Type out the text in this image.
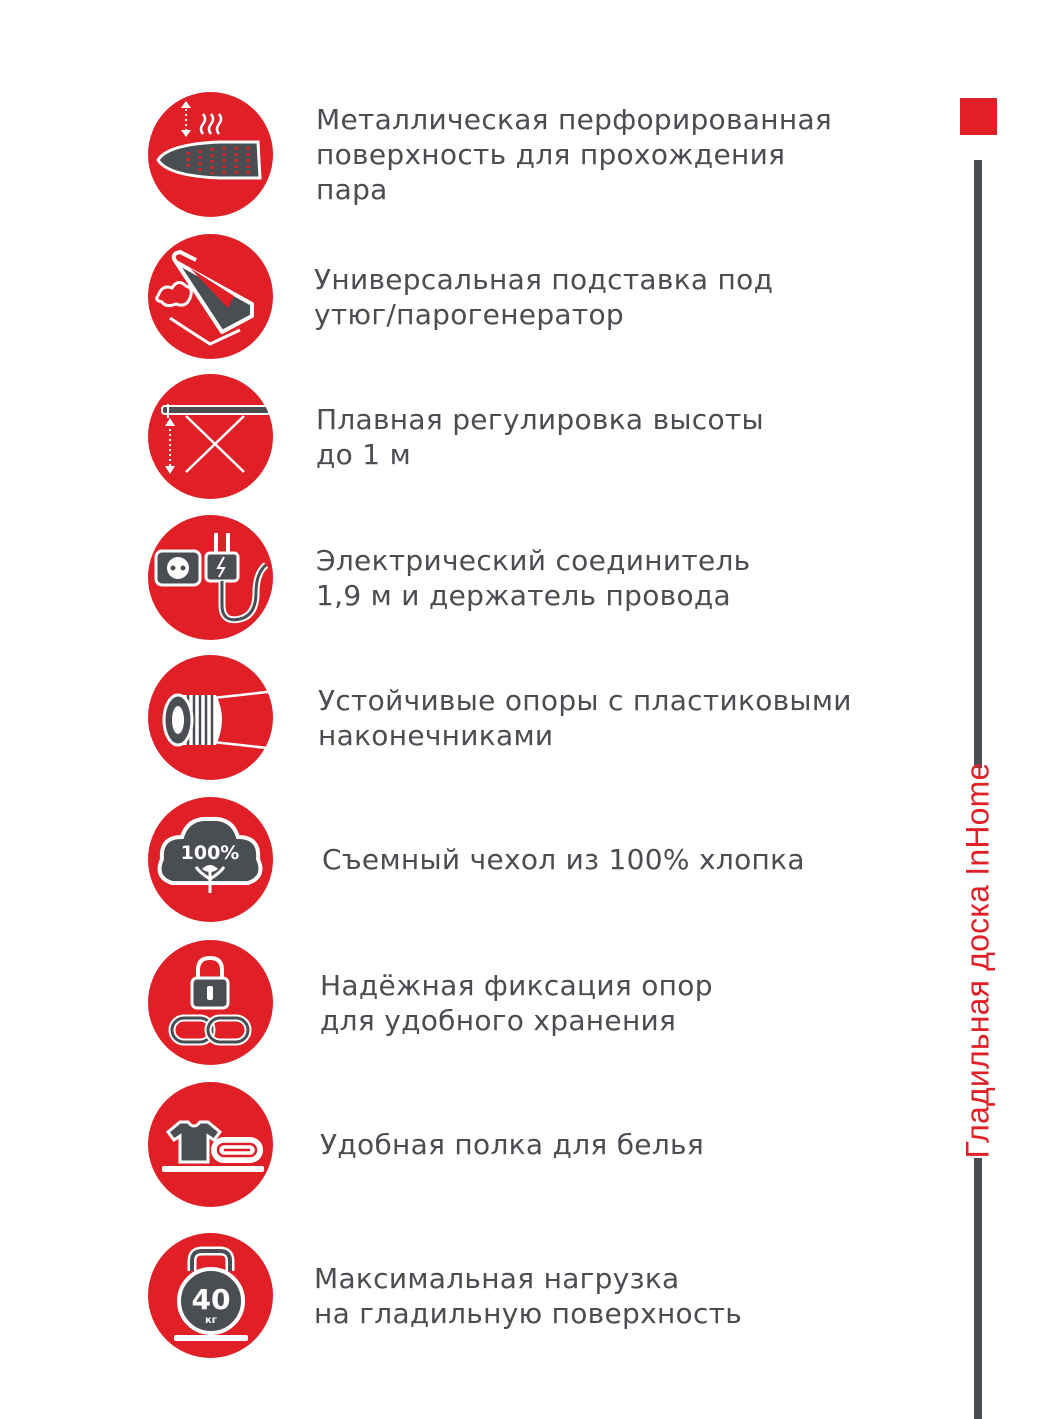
Металлическая перфорированная
поверхность для прохождения
пара
Универсальная подставка под
утюг/парогенератор
Плавная регулировка высоты
до 1 м
Электрический соединитель
1,9 м и держатель провода
Устойчивые опоры с пластиковыми
наконечниками
100%	Съемный чехол из 100% хлопка
Надёжная фиксация опор
для удобного хранения
Удобная полка для белья
40
кг
Максимальная нагрузка
на гладильную поверхность
Гладильная доска InHome
